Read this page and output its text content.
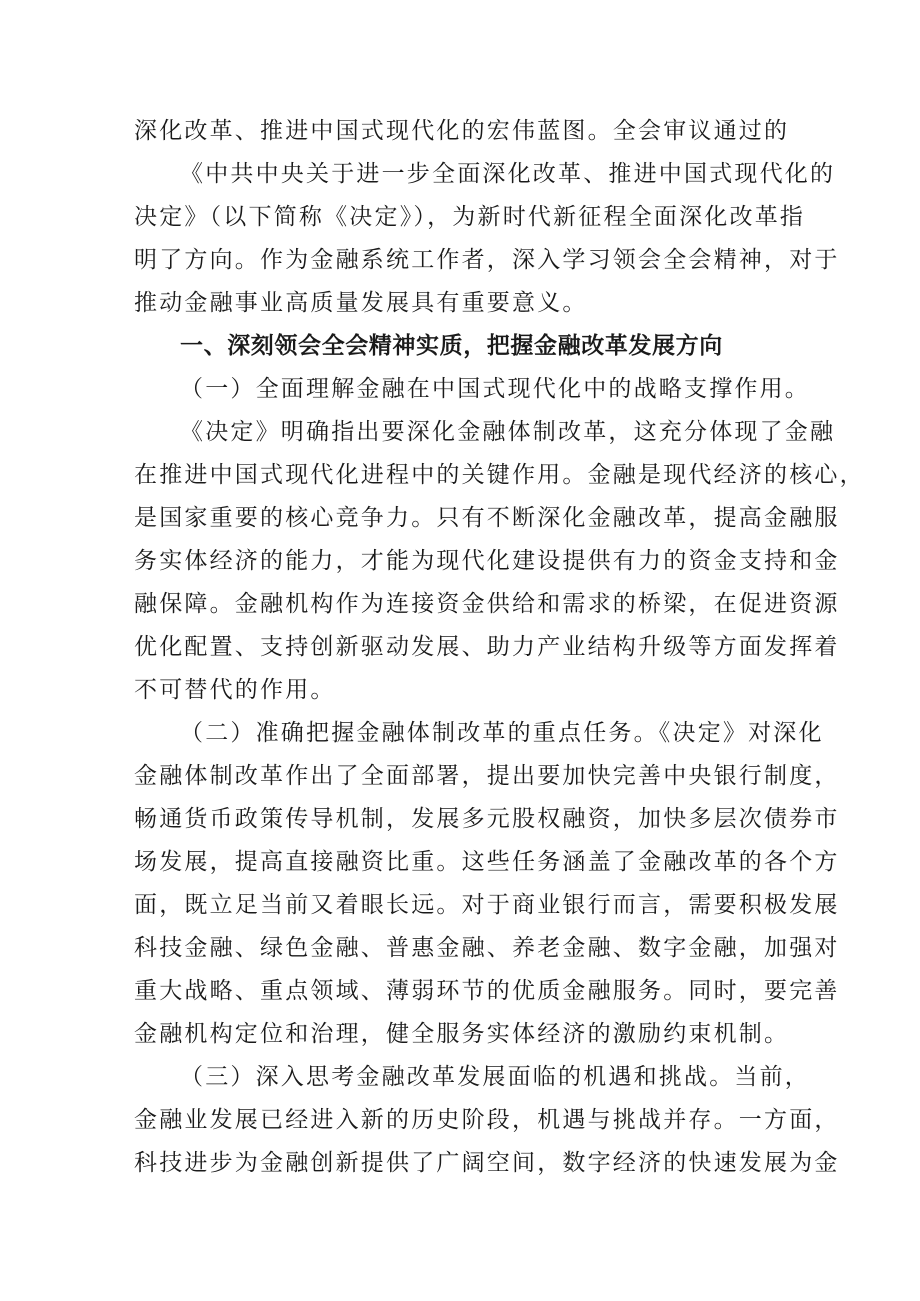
深化改革、推进中国式现代化的宏伟蓝图。全会审议通过的
《中共中央关于进一步全面深化改革、推进中国式现代化的
决定》（以下简称《决定》），为新时代新征程全面深化改革指
明了方向。作为金融系统工作者，深入学习领会全会精神，对于
推动金融事业高质量发展具有重要意义。
一、深刻领会全会精神实质，把握金融改革发展方向
（一）全面理解金融在中国式现代化中的战略支撑作用。
《决定》明确指出要深化金融体制改革，这充分体现了金融
在推进中国式现代化进程中的关键作用。金融是现代经济的核心，
是国家重要的核心竞争力。只有不断深化金融改革，提高金融服
务实体经济的能力，才能为现代化建设提供有力的资金支持和金
融保障。金融机构作为连接资金供给和需求的桥梁，在促进资源
优化配置、支持创新驱动发展、助力产业结构升级等方面发挥着
不可替代的作用。
（二）准确把握金融体制改革的重点任务。《决定》对深化
金融体制改革作出了全面部署，提出要加快完善中央银行制度，
畅通货币政策传导机制，发展多元股权融资，加快多层次债券市
场发展，提高直接融资比重。这些任务涵盖了金融改革的各个方
面，既立足当前又着眼长远。对于商业银行而言，需要积极发展
科技金融、绿色金融、普惠金融、养老金融、数字金融，加强对
重大战略、重点领域、薄弱环节的优质金融服务。同时，要完善
金融机构定位和治理，健全服务实体经济的激励约束机制。
（三）深入思考金融改革发展面临的机遇和挑战。当前，
金融业发展已经进入新的历史阶段，机遇与挑战并存。一方面，
科技进步为金融创新提供了广阔空间，数字经济的快速发展为金
